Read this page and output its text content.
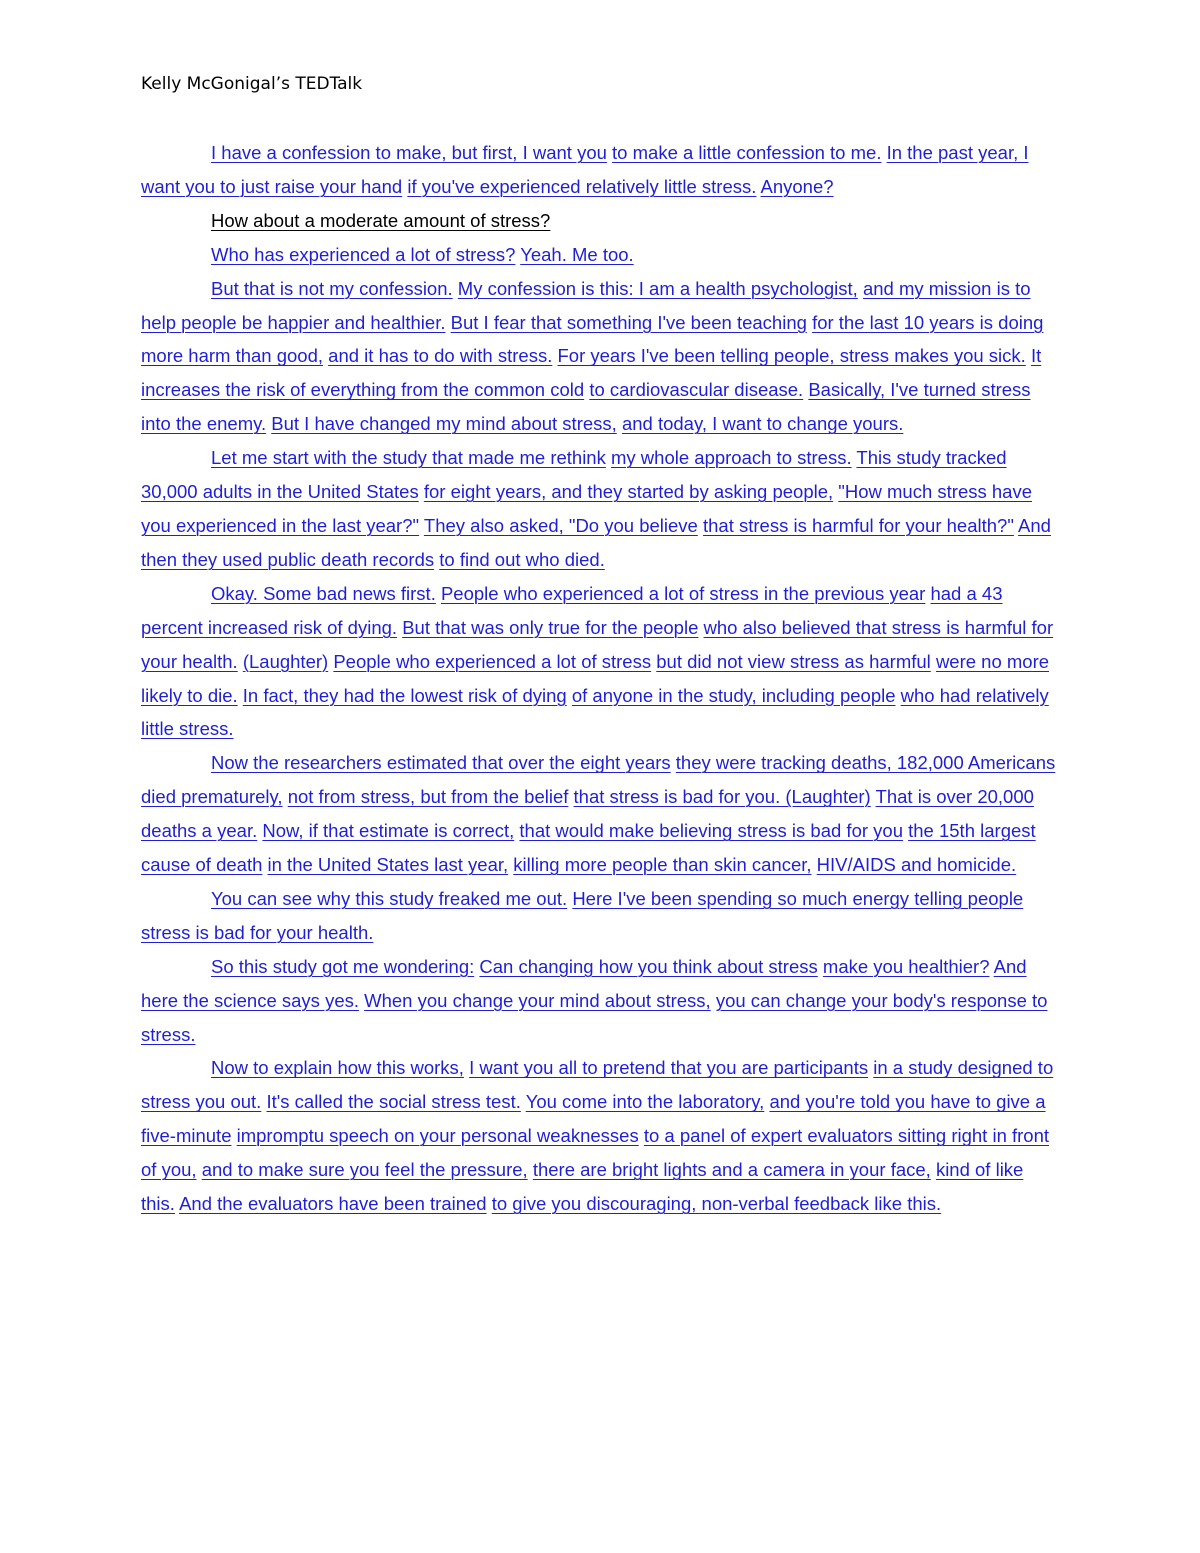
Kelly McGonigal’s TEDTalk

I have a confession to make, but first, I want you to make a little confession to me. In the past year, I want you to just raise your hand if you've experienced relatively little stress. Anyone?

How about a moderate amount of stress?

Who has experienced a lot of stress? Yeah. Me too.

But that is not my confession. My confession is this: I am a health psychologist, and my mission is to help people be happier and healthier. But I fear that something I've been teaching for the last 10 years is doing more harm than good, and it has to do with stress. For years I've been telling people, stress makes you sick. It increases the risk of everything from the common cold to cardiovascular disease. Basically, I've turned stress into the enemy. But I have changed my mind about stress, and today, I want to change yours.

Let me start with the study that made me rethink my whole approach to stress. This study tracked 30,000 adults in the United States for eight years, and they started by asking people, "How much stress have you experienced in the last year?" They also asked, "Do you believe that stress is harmful for your health?" And then they used public death records to find out who died.

Okay. Some bad news first. People who experienced a lot of stress in the previous year had a 43 percent increased risk of dying. But that was only true for the people who also believed that stress is harmful for your health. (Laughter) People who experienced a lot of stress but did not view stress as harmful were no more likely to die. In fact, they had the lowest risk of dying of anyone in the study, including people who had relatively little stress.

Now the researchers estimated that over the eight years they were tracking deaths, 182,000 Americans died prematurely, not from stress, but from the belief that stress is bad for you. (Laughter) That is over 20,000 deaths a year. Now, if that estimate is correct, that would make believing stress is bad for you the 15th largest cause of death in the United States last year, killing more people than skin cancer, HIV/AIDS and homicide.

You can see why this study freaked me out. Here I've been spending so much energy telling people stress is bad for your health.

So this study got me wondering: Can changing how you think about stress make you healthier? And here the science says yes. When you change your mind about stress, you can change your body's response to stress.

Now to explain how this works, I want you all to pretend that you are participants in a study designed to stress you out. It's called the social stress test. You come into the laboratory, and you're told you have to give a five-minute impromptu speech on your personal weaknesses to a panel of expert evaluators sitting right in front of you, and to make sure you feel the pressure, there are bright lights and a camera in your face, kind of like this. And the evaluators have been trained to give you discouraging, non-verbal feedback like this.
